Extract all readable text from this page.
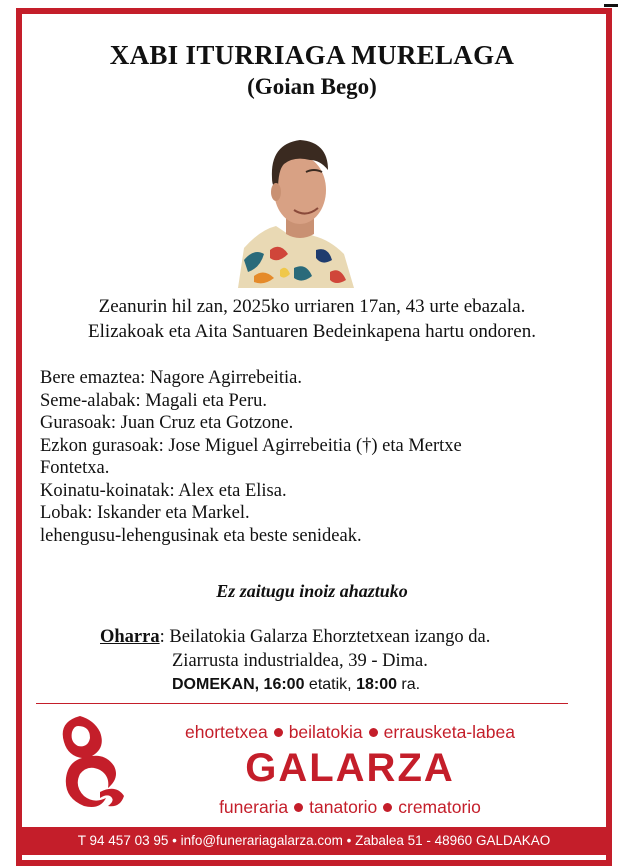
XABI ITURRIAGA MURELAGA
(Goian Bego)
Zeanurin hil zan, 2025ko urriaren 17an, 43 urte ebazala.
Elizakoak eta Aita Santuaren Bedeinkapena hartu ondoren.
Bere emaztea: Nagore Agirrebeitia.
Seme-alabak: Magali eta Peru.
Gurasoak: Juan Cruz eta Gotzone.
Ezkon gurasoak: Jose Miguel Agirrebeitia (†) eta Mertxe
Fontetxa.
Koinatu-koinatak: Alex eta Elisa.
Lobak: Iskander eta Markel.
lehengusu-lehengusinak eta beste senideak.
Ez zaitugu inoiz ahaztuko
Oharra: Beilatokia Galarza Ehorztetxean izango da.
Ziarrusta industrialdea, 39 - Dima.
DOMEKAN, 16:00 etatik, 18:00 ra.
ehortetxea beilatokia errausketa-labea
GALARZA
funeraria tanatorio crematorio
T 94 457 03 95 • info@funerariagalarza.com • Zabalea 51 - 48960 GALDAKAO
